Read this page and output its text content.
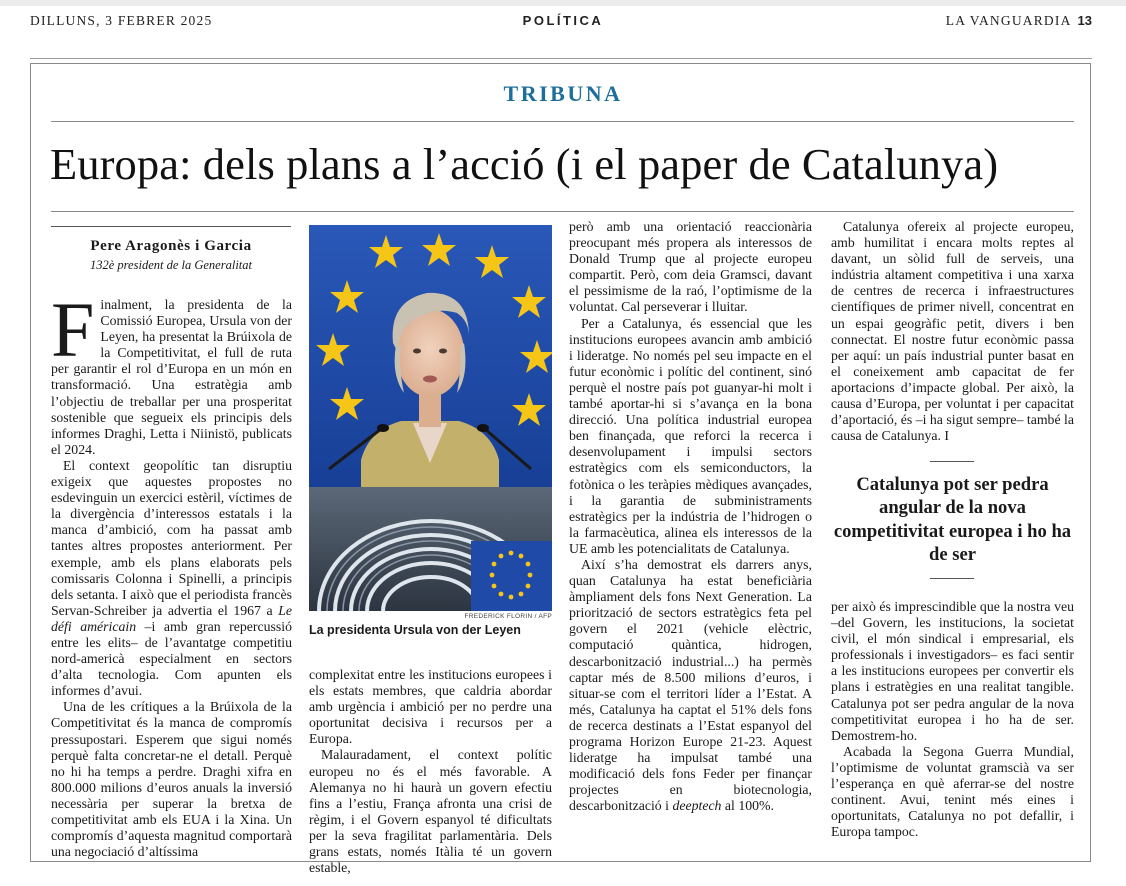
DILLUNS, 3 FEBRER 2025	POLÍTICA	LA VANGUARDIA 13
TRIBUNA
Europa: dels plans a l’acció (i el paper de Catalunya)
Pere Aragonès i Garcia
132è president de la Generalitat

Finalment, la presidenta de la Comissió Europea, Ursula von der Leyen, ha presentat la Brúixola de la Competitivitat, el full de ruta per garantir el rol d’Europa en un món en transformació. Una estratègia amb l’objectiu de treballar per una prosperitat sostenible que segueix els principis dels informes Draghi, Letta i Niinistö, publicats el 2024.

El context geopolític tan disruptiu exigeix que aquestes propostes no esdevinguin un exercici estèril, víctimes de la divergència d’interessos estatals i la manca d’ambició, com ha passat amb tantes altres propostes anteriorment. Per exemple, amb els plans elaborats pels comissaris Colonna i Spinelli, a principis dels setanta. I això que el periodista francès Servan-Schreiber ja advertia el 1967 a Le défi américain –i amb gran repercussió entre les elits– de l’avantatge competitiu nord-americà especialment en sectors d’alta tecnologia. Com apunten els informes d’avui.

Una de les crítiques a la Brúixola de la Competitivitat és la manca de compromís pressupostari. Esperem que sigui només perquè falta concretar-ne el detall. Perquè no hi ha temps a perdre. Draghi xifra en 800.000 milions d’euros anuals la inversió necessària per superar la bretxa de competitivitat amb els EUA i la Xina. Un compromís d’aquesta magnitud comportarà una negociació d’altíssima

FREDERICK FLORIN / AFP
La presidenta Ursula von der Leyen

complexitat entre les institucions europees i els estats membres, que caldria abordar amb urgència i ambició per no perdre una oportunitat decisiva i recursos per a Europa.

Malauradament, el context polític europeu no és el més favorable. A Alemanya no hi haurà un govern efectiu fins a l’estiu, França afronta una crisi de règim, i el Govern espanyol té dificultats per la seva fragilitat parlamentària. Dels grans estats, només Itàlia té un govern estable,

però amb una orientació reaccionària preocupant més propera als interessos de Donald Trump que al projecte europeu compartit. Però, com deia Gramsci, davant el pessimisme de la raó, l’optimisme de la voluntat. Cal perseverar i lluitar.

Per a Catalunya, és essencial que les institucions europees avancin amb ambició i lideratge. No només pel seu impacte en el futur econòmic i polític del continent, sinó perquè el nostre país pot guanyar-hi molt i també aportar-hi si s’avança en la bona direcció. Una política industrial europea ben finançada, que reforci la recerca i desenvolupament i impulsi sectors estratègics com els semiconductors, la fotònica o les teràpies mèdiques avançades, i la garantia de subministraments estratègics per la indústria de l’hidrogen o la farmacèutica, alinea els interessos de la UE amb les potencialitats de Catalunya.

Així s’ha demostrat els darrers anys, quan Catalunya ha estat beneficiària àmpliament dels fons Next Generation. La priorització de sectors estratègics feta pel govern el 2021 (vehicle elèctric, computació quàntica, hidrogen, descarbonització industrial...) ha permès captar més de 8.500 milions d’euros, i situar-se com el territori líder a l’Estat. A més, Catalunya ha captat el 51% dels fons de recerca destinats a l’Estat espanyol del programa Horizon Europe 21-23. Aquest lideratge ha impulsat també una modificació dels fons Feder per finançar projectes en biotecnologia, descarbonització i deeptech al 100%.

Catalunya ofereix al projecte europeu, amb humilitat i encara molts reptes al davant, un sòlid full de serveis, una indústria altament competitiva i una xarxa de centres de recerca i infraestructures científiques de primer nivell, concentrat en un espai geogràfic petit, divers i ben connectat. El nostre futur econòmic passa per aquí: un país industrial punter basat en el coneixement amb capacitat de fer aportacions d’impacte global. Per això, la causa d’Europa, per voluntat i per capacitat d’aportació, és –i ha sigut sempre– també la causa de Catalunya. I

Catalunya pot ser pedra angular de la nova competitivitat europea i ho ha de ser

per això és imprescindible que la nostra veu –del Govern, les institucions, la societat civil, el món sindical i empresarial, els professionals i investigadors– es faci sentir a les institucions europees per convertir els plans i estratègies en una realitat tangible. Catalunya pot ser pedra angular de la nova competitivitat europea i ho ha de ser. Demostrem-ho.

Acabada la Segona Guerra Mundial, l’optimisme de voluntat gramscià va ser l’esperança en què aferrar-se del nostre continent. Avui, tenint més eines i oportunitats, Catalunya no pot defallir, i Europa tampoc.
